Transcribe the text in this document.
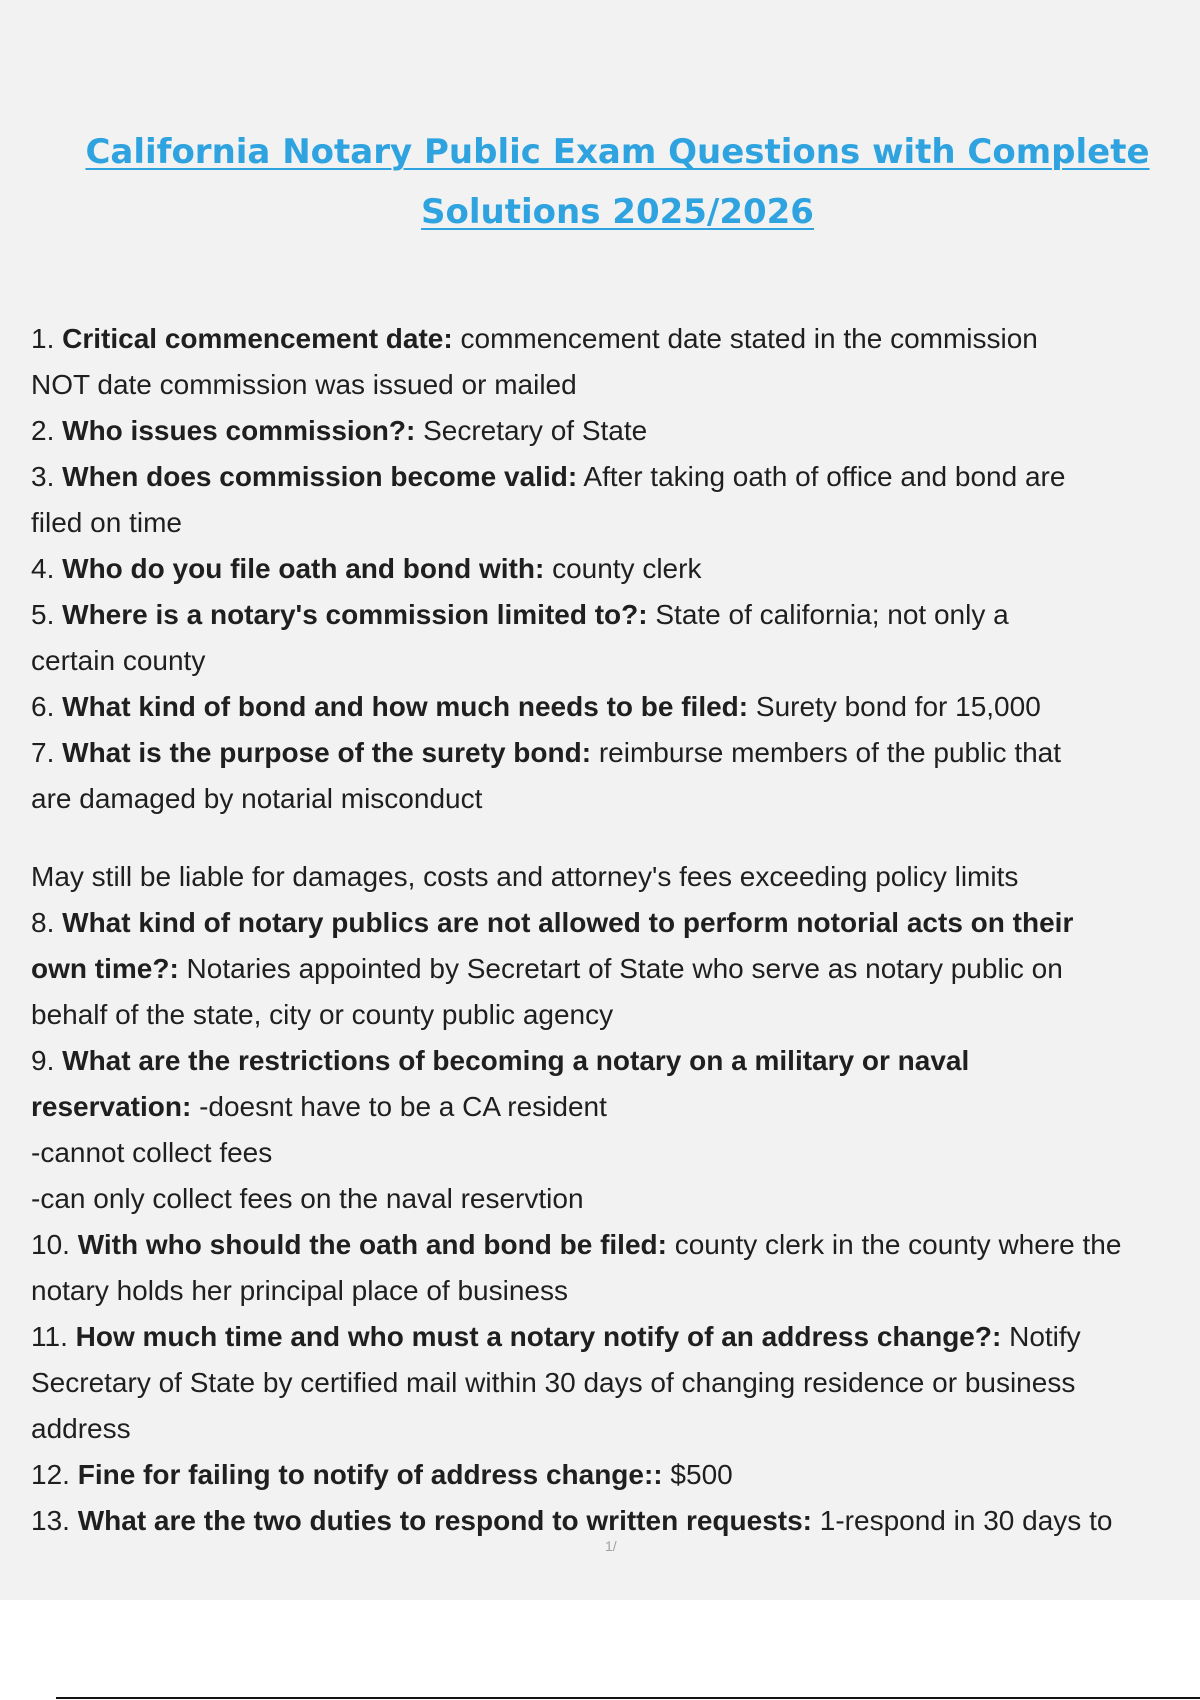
California Notary Public Exam Questions with Complete Solutions 2025/2026
1. Critical commencement date: commencement date stated in the commission
NOT date commission was issued or mailed
2. Who issues commission?: Secretary of State
3. When does commission become valid: After taking oath of office and bond are
filed on time
4. Who do you file oath and bond with: county clerk
5. Where is a notary's commission limited to?: State of california; not only a
certain county
6. What kind of bond and how much needs to be filed: Surety bond for 15,000
7. What is the purpose of the surety bond: reimburse members of the public that
are damaged by notarial misconduct
May still be liable for damages, costs and attorney's fees exceeding policy limits
8. What kind of notary publics are not allowed to perform notorial acts on their
own time?: Notaries appointed by Secretart of State who serve as notary public on
behalf of the state, city or county public agency
9. What are the restrictions of becoming a notary on a military or naval
reservation: -doesnt have to be a CA resident
-cannot collect fees
-can only collect fees on the naval reservtion
10. With who should the oath and bond be filed: county clerk in the county where the
notary holds her principal place of business
11. How much time and who must a notary notify of an address change?: Notify
Secretary of State by certified mail within 30 days of changing residence or business
address
12. Fine for failing to notify of address change:: $500
13. What are the two duties to respond to written requests: 1-respond in 30 days to
1/
